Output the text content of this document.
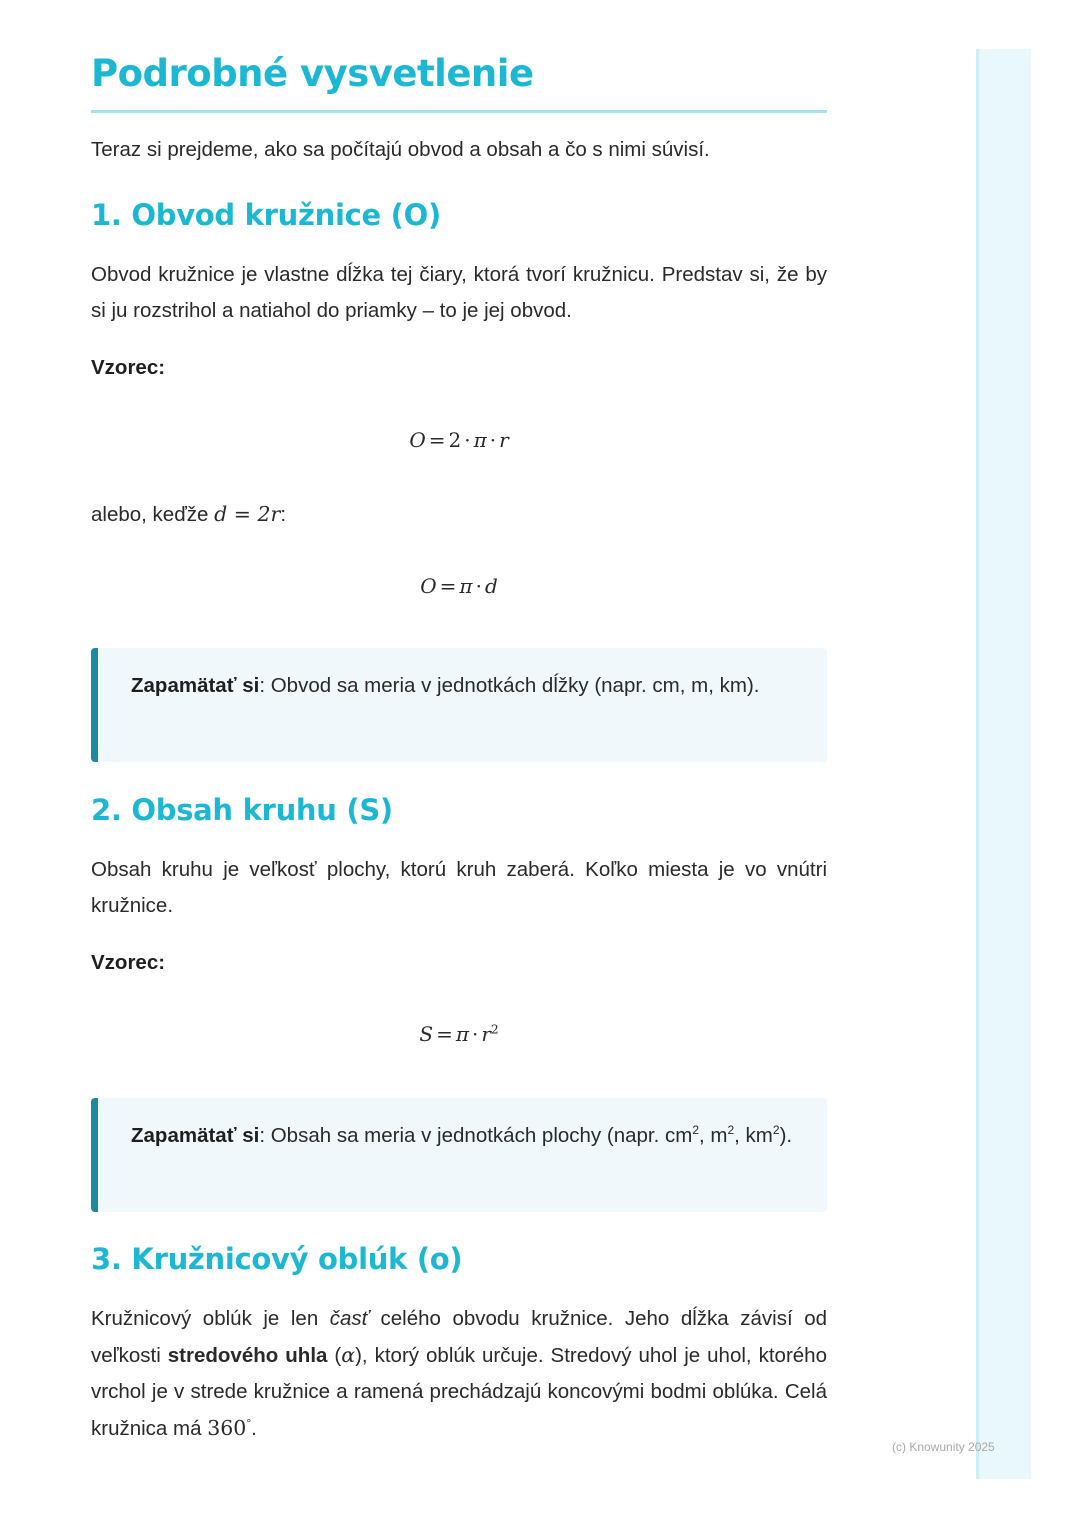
Podrobné vysvetlenie

Teraz si prejdeme, ako sa počítajú obvod a obsah a čo s nimi súvisí.

1. Obvod kružnice (O)

Obvod kružnice je vlastne dĺžka tej čiary, ktorá tvorí kružnicu. Predstav si, že by si ju rozstrihol a natiahol do priamky – to je jej obvod.

Vzorec:
O = 2 · π · r

alebo, keďže d = 2r:

O = π · d
Zapamätať si: Obvod sa meria v jednotkách dĺžky (napr. cm, m, km).
2. Obsah kruhu (S)

Obsah kruhu je veľkosť plochy, ktorú kruh zaberá. Koľko miesta je vo vnútri kružnice.

Vzorec:
$S = \pi \cdot r^2$
Zapamätať si: Obsah sa meria v jednotkách plochy (napr. $cm^2$, $m^2$, $km^2$).
3. Kružnicový oblúk (o)

Kružnicový oblúk je len časť celého obvodu kružnice. Jeho dĺžka závisí od veľkosti stredového uhla (α), ktorý oblúk určuje. Stredový uhol je uhol, ktorého vrchol je v strede kružnice a ramená prechádzajú koncovými bodmi oblúka. Celá kružnica má 360°.

(c) Knowunity 2025
